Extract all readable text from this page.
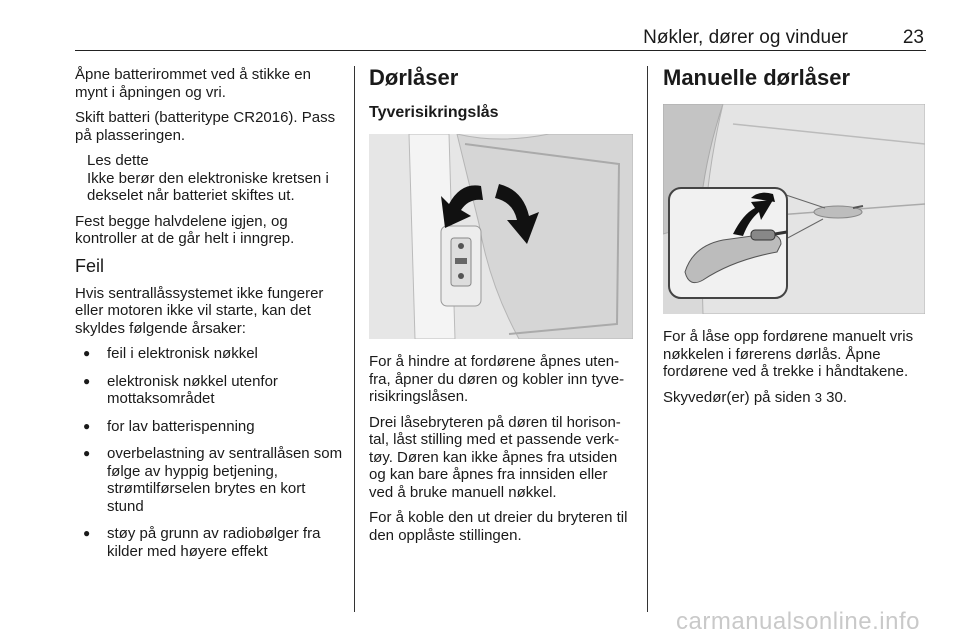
Nøkler, dører og vinduer	23

Åpne batterirommet ved å stikke en mynt i åpningen og vri.

Skift batteri (batteritype CR2016). Pass på plasseringen.

Les dette
Ikke berør den elektroniske kretsen i dekselet når batteriet skiftes ut.

Fest begge halvdelene igjen, og kontroller at de går helt i inngrep.

Feil

Hvis sentrallåssystemet ikke fungerer eller motoren ikke vil starte, kan det skyldes følgende årsaker:

● feil i elektronisk nøkkel
● elektronisk nøkkel utenfor mottaksområdet
● for lav batterispenning
● overbelastning av sentrallåsen som følge av hyppig betjening, strømtilførselen brytes en kort stund
● støy på grunn av radiobølger fra kilder med høyere effekt
Dørlåser
Tyverisikringslås

For å hindre at fordørene åpnes uten-fra, åpner du døren og kobler inn tyve-risikringslåsen.

Drei låsebryteren på døren til horison-tal, låst stilling med et passende verk-tøy. Døren kan ikke åpnes fra utsiden og kan bare åpnes fra innsiden eller ved å bruke manuell nøkkel.

For å koble den ut dreier du bryteren til den opplåste stillingen.

Manuelle dørlåser

For å låse opp fordørene manuelt vris nøkkelen i førerens dørlås. Åpne fordørene ved å trekke i håndtakene.

Skyvedør(er) på siden 3 30.

carmanualsonline.info
